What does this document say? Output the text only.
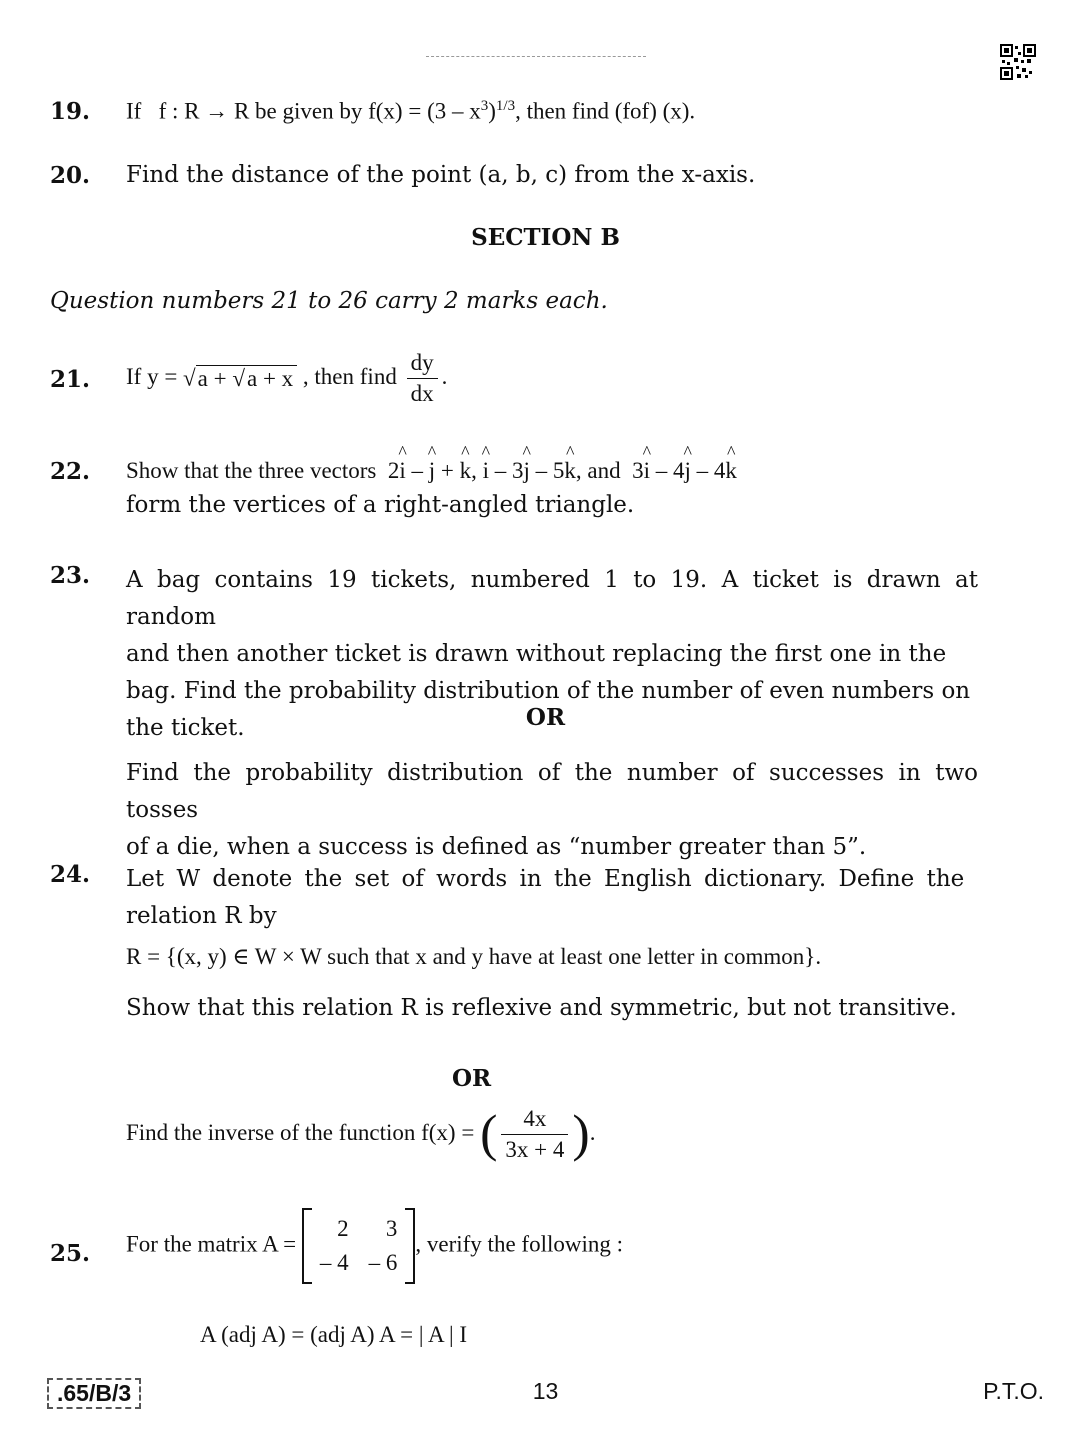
19. If f : R → R be given by $f(x) = (3 - x^3)^{1/3}$, then find (fof) (x).
20. Find the distance of the point (a, b, c) from the x-axis.
SECTION B
Question numbers 21 to 26 carry 2 marks each.
21. If y = √a + √a + x , then find $\frac{dy}{dx}$ .
22. Show that the three vectors 2^ i – ^ j + ^ k, ^ i – 3^ j – 5^ k, and 3^ i – 4^ j – 4^ k
form the vertices of a right-angled triangle.
23. A bag contains 19 tickets, numbered 1 to 19. A ticket is drawn at random
and then another ticket is drawn without replacing the first one in the
bag. Find the probability distribution of the number of even numbers on
the ticket.	OR
Find the probability distribution of the number of successes in two tosses
of a die, when a success is defined as “number greater than 5”.
24. Let W denote the set of words in the English dictionary. Define the
relation R by
R = {(x, y) ∈ W × W such that x and y have at least one letter in common}.
Show that this relation R is reflexive and symmetric, but not transitive.
OR
Find the inverse of the function f(x) = ( $\frac{4x}{3x + 4}$ ).
25. For the matrix A =
2	3
– 4	– 6
, verify the following :
A (adj A) = (adj A) A = | A | I
.65/B/3	13	P.T.O.
